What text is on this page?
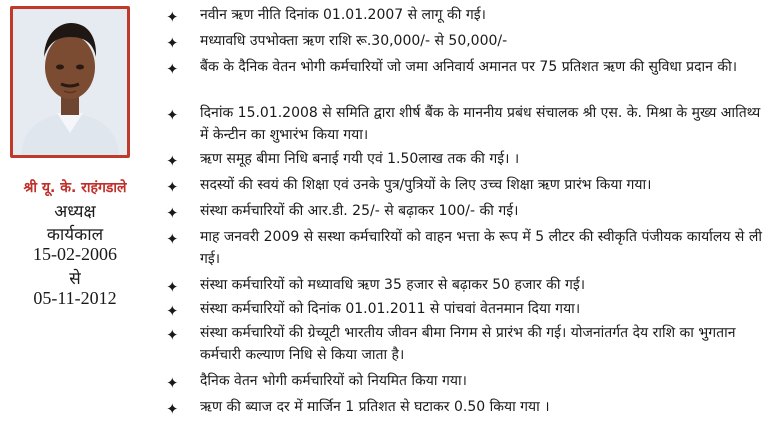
श्री यू. के. राहंगडाले
अध्यक्ष
कार्यकाल
15-02-2006
से
05-11-2012
✦ नवीन ऋण नीति दिनांक 01.01.2007 से लागू की गई।
✦ मध्यावधि उपभोक्ता ऋण राशि रू.30,000/- से 50,000/-
✦ बैंक के दैनिक वेतन भोगी कर्मचारियों जो जमा अनिवार्य अमानत पर 75 प्रतिशत ऋण की सुविधा प्रदान की।
✦ दिनांक 15.01.2008 से समिति द्वारा शीर्ष बैंक के माननीय प्रबंध संचालक श्री एस. के. मिश्रा के मुख्य आतिथ्य में केन्टीन का शुभारंभ किया गया।
✦ ऋण समूह बीमा निधि बनाई गयी एवं 1.50लाख तक की गई। ।
✦ सदस्यों की स्वयं की शिक्षा एवं उनके पुत्र/पुत्रियों के लिए उच्च शिक्षा ऋण प्रारंभ किया गया।
✦ संस्था कर्मचारियों की आर.डी. 25/- से बढ़ाकर 100/- की गई।
✦ माह जनवरी 2009 से सस्था कर्मचारियों को वाहन भत्ता के रूप में 5 लीटर की स्वीकृति पंजीयक कार्यालय से ली गई।
✦ संस्था कर्मचारियों को मध्यावधि ऋण 35 हजार से बढ़ाकर 50 हजार की गई।
✦ संस्था कर्मचारियों को दिनांक 01.01.2011 से पांचवां वेतनमान दिया गया।
✦ संस्था कर्मचारियों की ग्रेच्यूटी भारतीय जीवन बीमा निगम से प्रारंभ की गई। योजनांतर्गत देय राशि का भुगतान कर्मचारी कल्याण निधि से किया जाता है।
✦ दैनिक वेतन भोगी कर्मचारियों को नियमित किया गया।
✦ ऋण की ब्याज दर में मार्जिन 1 प्रतिशत से घटाकर 0.50 किया गया ।
